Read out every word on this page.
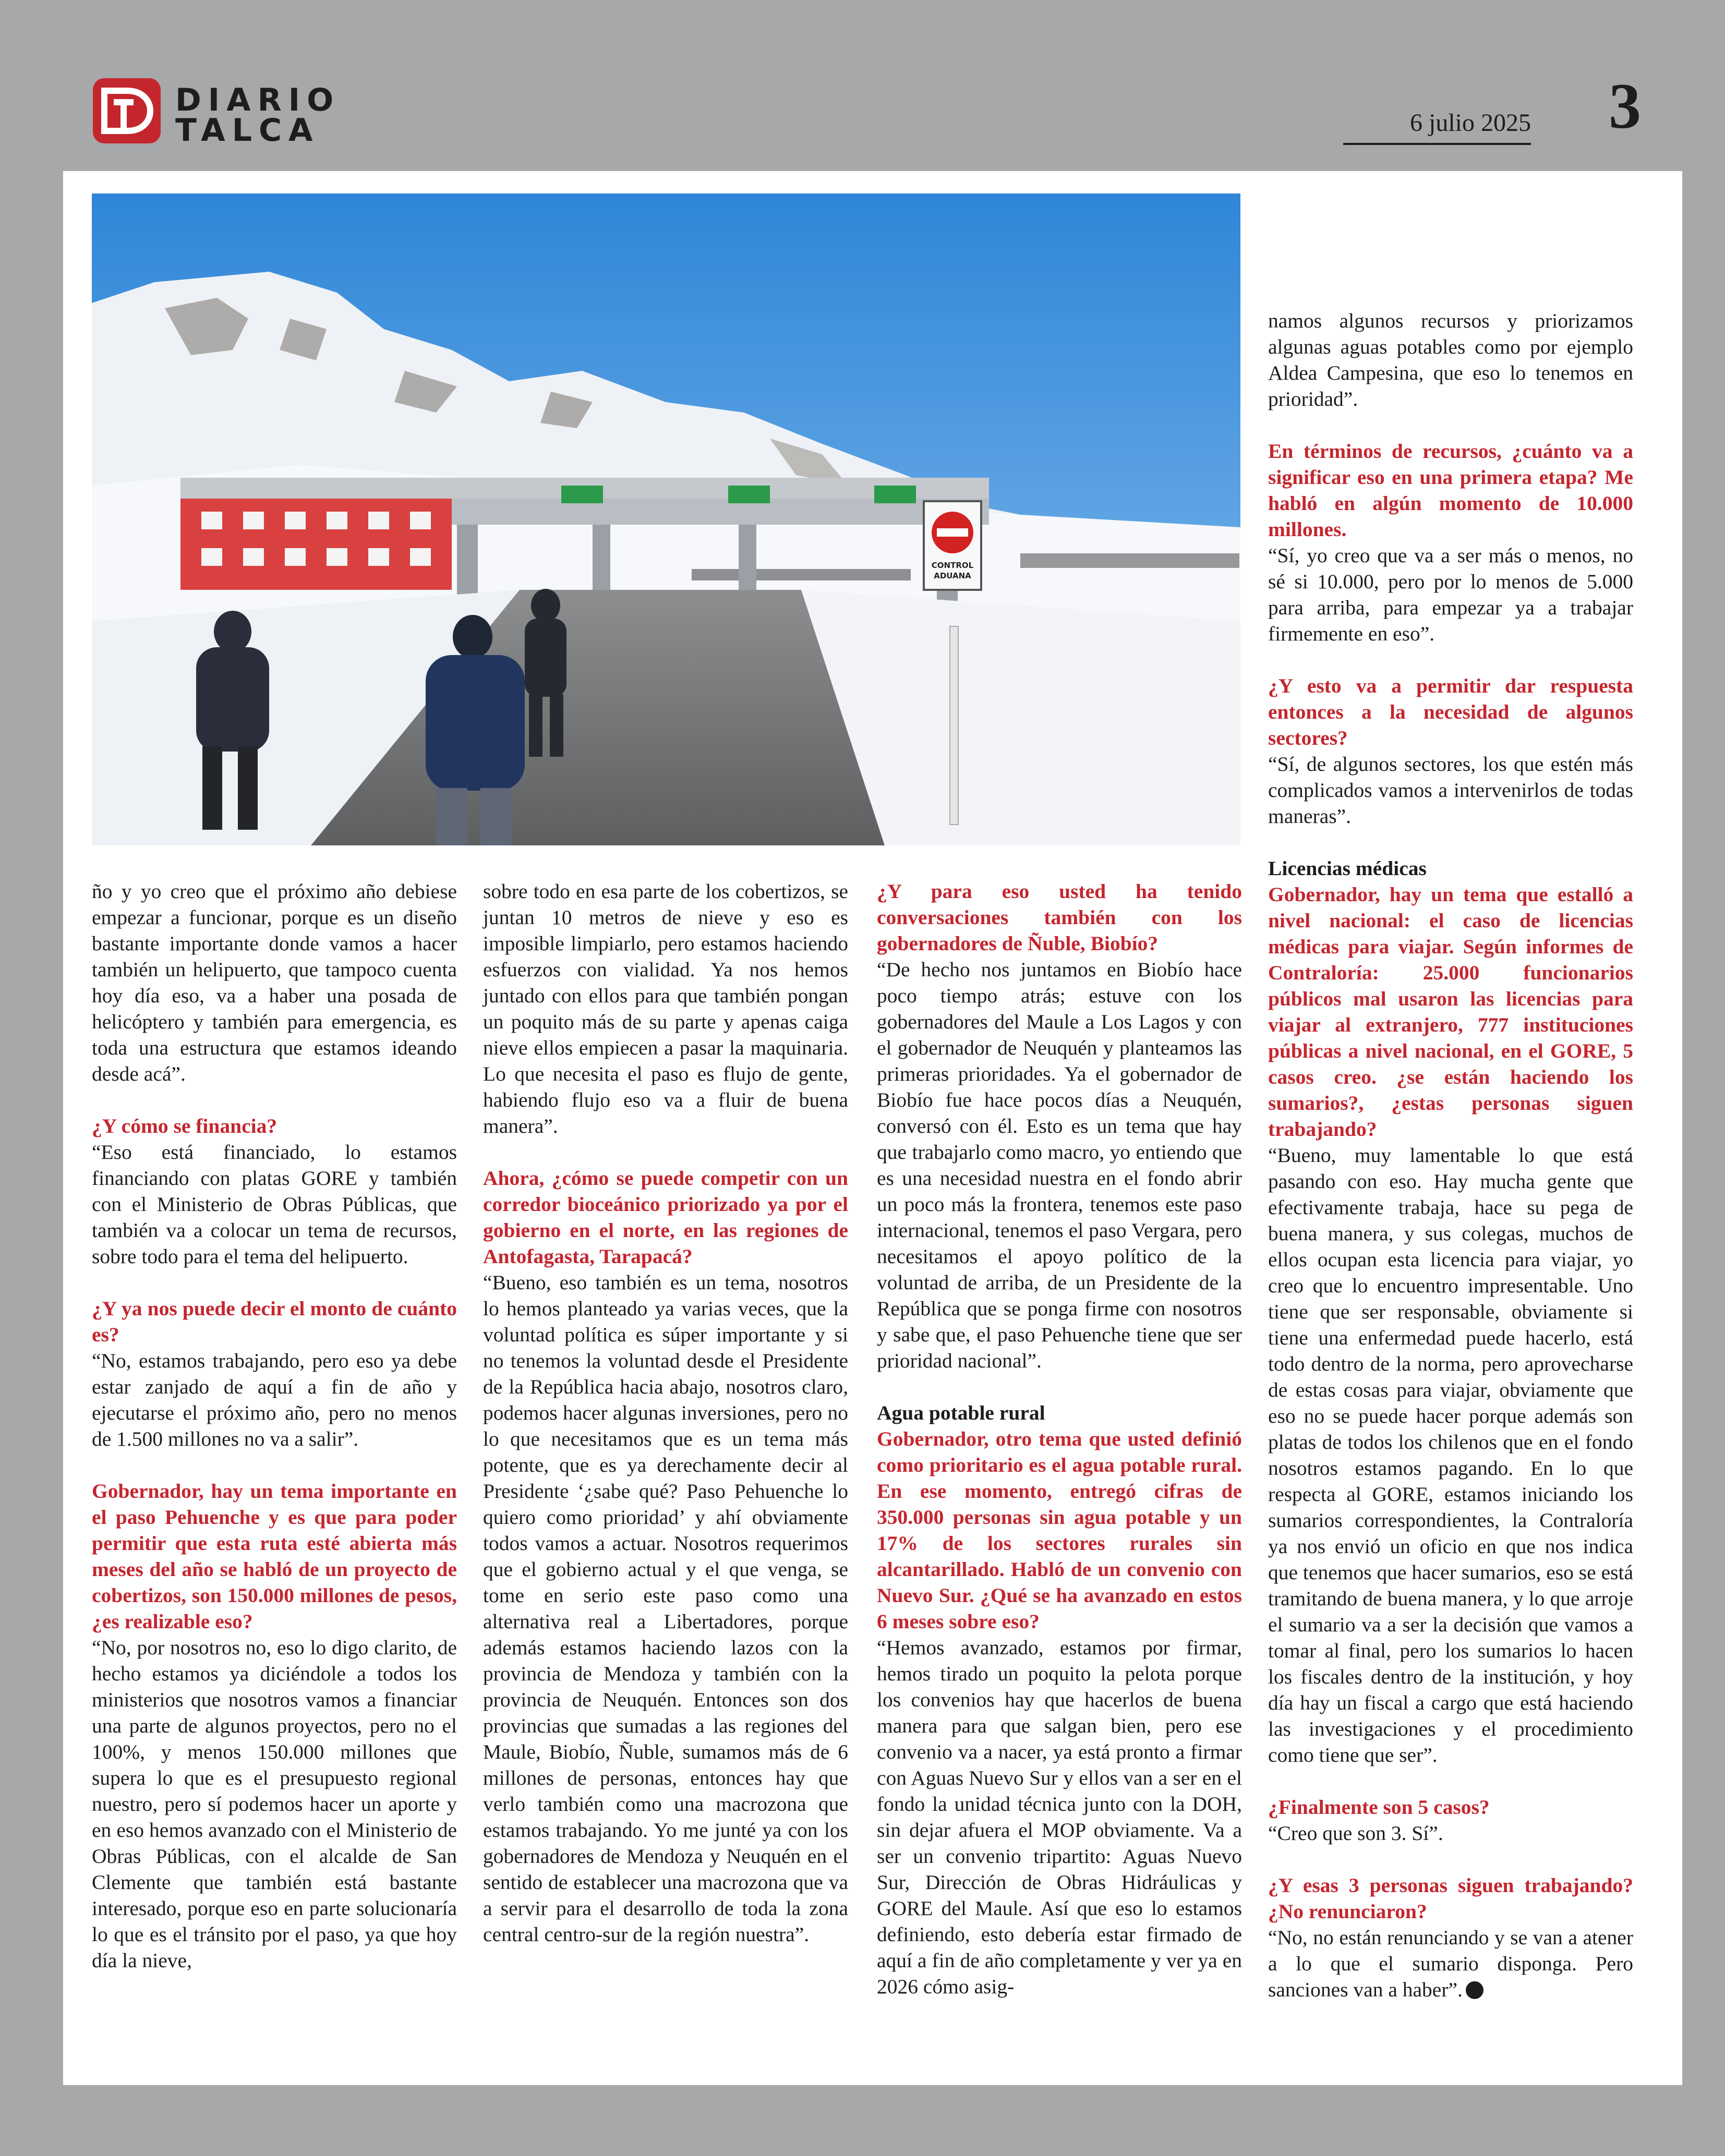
DIARIO
TALCA	6 julio 2025 3
CONTROL
ADUANA

ño y yo creo que el próximo año debiese empezar a funcionar, porque es un diseño bastante importante donde vamos a hacer también un helipuerto, que tampoco cuenta hoy día eso, va a haber una posada de helicóptero y también para emergencia, es toda una estructura que estamos ideando desde acá”.

¿Y cómo se financia?

“Eso está financiado, lo estamos financiando con platas GORE y también con el Ministerio de Obras Públicas, que también va a colocar un tema de recursos, sobre todo para el tema del helipuerto.

¿Y ya nos puede decir el monto de cuánto es?

“No, estamos trabajando, pero eso ya debe estar zanjado de aquí a fin de año y ejecutarse el próximo año, pero no menos de 1.500 millones no va a salir”.

Gobernador, hay un tema importante en el paso Pehuenche y es que para poder permitir que esta ruta esté abierta más meses del año se habló de un proyecto de cobertizos, son 150.000 millones de pesos, ¿es realizable eso?

“No, por nosotros no, eso lo digo clarito, de hecho estamos ya diciéndole a todos los ministerios que nosotros vamos a financiar una parte de algunos proyectos, pero no el 100%, y menos 150.000 millones que supera lo que es el presupuesto regional nuestro, pero sí podemos hacer un aporte y en eso hemos avanzado con el Ministerio de Obras Públicas, con el alcalde de San Clemente que también está bastante interesado, porque eso en parte solucionaría lo que es el tránsito por el paso, ya que hoy día la nieve,

sobre todo en esa parte de los cobertizos, se juntan 10 metros de nieve y eso es imposible limpiarlo, pero estamos haciendo esfuerzos con vialidad. Ya nos hemos juntado con ellos para que también pongan un poquito más de su parte y apenas caiga nieve ellos empiecen a pasar la maquinaria. Lo que necesita el paso es flujo de gente, habiendo flujo eso va a fluir de buena manera”.

Ahora, ¿cómo se puede competir con un corredor bioceánico priorizado ya por el gobierno en el norte, en las regiones de Antofagasta, Tarapacá?

“Bueno, eso también es un tema, nosotros lo hemos planteado ya varias veces, que la voluntad política es súper importante y si no tenemos la voluntad desde el Presidente de la República hacia abajo, nosotros claro, podemos hacer algunas inversiones, pero no lo que necesitamos que es un tema más potente, que es ya derechamente decir al Presidente ‘¿sabe qué? Paso Pehuenche lo quiero como prioridad’ y ahí obviamente todos vamos a actuar. Nosotros requerimos que el gobierno actual y el que venga, se tome en serio este paso como una alternativa real a Libertadores, porque además estamos haciendo lazos con la provincia de Mendoza y también con la provincia de Neuquén. Entonces son dos provincias que sumadas a las regiones del Maule, Biobío, Ñuble, sumamos más de 6 millones de personas, entonces hay que verlo también como una macrozona que estamos trabajando. Yo me junté ya con los gobernadores de Mendoza y Neuquén en el sentido de establecer una macrozona que va a servir para el desarrollo de toda la zona central centro-sur de la región nuestra”.

¿Y para eso usted ha tenido conversaciones también con los gobernadores de Ñuble, Biobío?

“De hecho nos juntamos en Biobío hace poco tiempo atrás; estuve con los gobernadores del Maule a Los Lagos y con el gobernador de Neuquén y planteamos las primeras prioridades. Ya el gobernador de Biobío fue hace pocos días a Neuquén, conversó con él. Esto es un tema que hay que trabajarlo como macro, yo entiendo que es una necesidad nuestra en el fondo abrir un poco más la frontera, tenemos este paso internacional, tenemos el paso Vergara, pero necesitamos el apoyo político de la voluntad de arriba, de un Presidente de la República que se ponga firme con nosotros y sabe que, el paso Pehuenche tiene que ser prioridad nacional”.

Agua potable rural

Gobernador, otro tema que usted definió como prioritario es el agua potable rural. En ese momento, entregó cifras de 350.000 personas sin agua potable y un 17% de los sectores rurales sin alcantarillado. Habló de un convenio con Nuevo Sur. ¿Qué se ha avanzado en estos 6 meses sobre eso?

“Hemos avanzado, estamos por firmar, hemos tirado un poquito la pelota porque los convenios hay que hacerlos de buena manera para que salgan bien, pero ese convenio va a nacer, ya está pronto a firmar con Aguas Nuevo Sur y ellos van a ser en el fondo la unidad técnica junto con la DOH, sin dejar afuera el MOP obviamente. Va a ser un convenio tripartito: Aguas Nuevo Sur, Dirección de Obras Hidráulicas y GORE del Maule. Así que eso lo estamos definiendo, esto debería estar firmado de aquí a fin de año completamente y ver ya en 2026 cómo asig-

namos algunos recursos y priorizamos algunas aguas potables como por ejemplo Aldea Campesina, que eso lo tenemos en prioridad”.

En términos de recursos, ¿cuánto va a significar eso en una primera etapa? Me habló en algún momento de 10.000 millones.

“Sí, yo creo que va a ser más o menos, no sé si 10.000, pero por lo menos de 5.000 para arriba, para empezar ya a trabajar firmemente en eso”.

¿Y esto va a permitir dar respuesta entonces a la necesidad de algunos sectores?

“Sí, de algunos sectores, los que estén más complicados vamos a intervenirlos de todas maneras”.

Licencias médicas

Gobernador, hay un tema que estalló a nivel nacional: el caso de licencias médicas para viajar. Según informes de Contraloría: 25.000 funcionarios públicos mal usaron las licencias para viajar al extranjero, 777 instituciones públicas a nivel nacional, en el GORE, 5 casos creo. ¿se están haciendo los sumarios?, ¿estas personas siguen trabajando?

“Bueno, muy lamentable lo que está pasando con eso. Hay mucha gente que efectivamente trabaja, hace su pega de buena manera, y sus colegas, muchos de ellos ocupan esta licencia para viajar, yo creo que lo encuentro impresentable. Uno tiene que ser responsable, obviamente si tiene una enfermedad puede hacerlo, está todo dentro de la norma, pero aprovecharse de estas cosas para viajar, obviamente que eso no se puede hacer porque además son platas de todos los chilenos que en el fondo nosotros estamos pagando. En lo que respecta al GORE, estamos iniciando los sumarios correspondientes, la Contraloría ya nos envió un oficio en que nos indica que tenemos que hacer sumarios, eso se está tramitando de buena manera, y lo que arroje el sumario va a ser la decisión que vamos a tomar al final, pero los sumarios lo hacen los fiscales dentro de la institución, y hoy día hay un fiscal a cargo que está haciendo las investigaciones y el procedimiento como tiene que ser”.

¿Finalmente son 5 casos?

“Creo que son 3. Sí”.

¿Y esas 3 personas siguen trabajando? ¿No renunciaron?

“No, no están renunciando y se van a atener a lo que el sumario disponga. Pero sanciones van a haber”.
